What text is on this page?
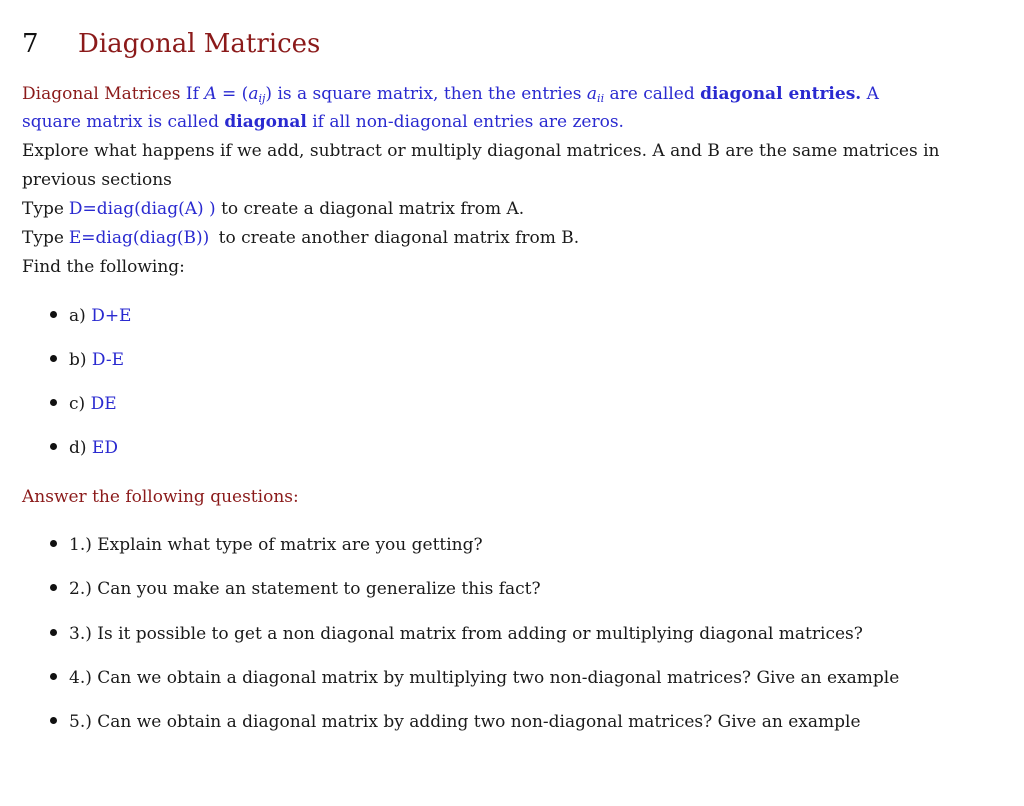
7 Diagonal Matrices
Diagonal Matrices If $A = (a_{ij})$ is a square matrix, then the entries $a_{ii}$ are called diagonal entries. A
square matrix is called diagonal if all non-diagonal entries are zeros.
Explore what happens if we add, subtract or multiply diagonal matrices. A and B are the same matrices in
previous sections
Type D=diag(diag(A) ) to create a diagonal matrix from A.
Type E=diag(diag(B)) to create another diagonal matrix from B.
Find the following:
a) D+E
b) D-E
c) DE
d) ED
Answer the following questions:
1.) Explain what type of matrix are you getting?
2.) Can you make an statement to generalize this fact?
3.) Is it possible to get a non diagonal matrix from adding or multiplying diagonal matrices?
4.) Can we obtain a diagonal matrix by multiplying two non-diagonal matrices? Give an example
5.) Can we obtain a diagonal matrix by adding two non-diagonal matrices? Give an example
